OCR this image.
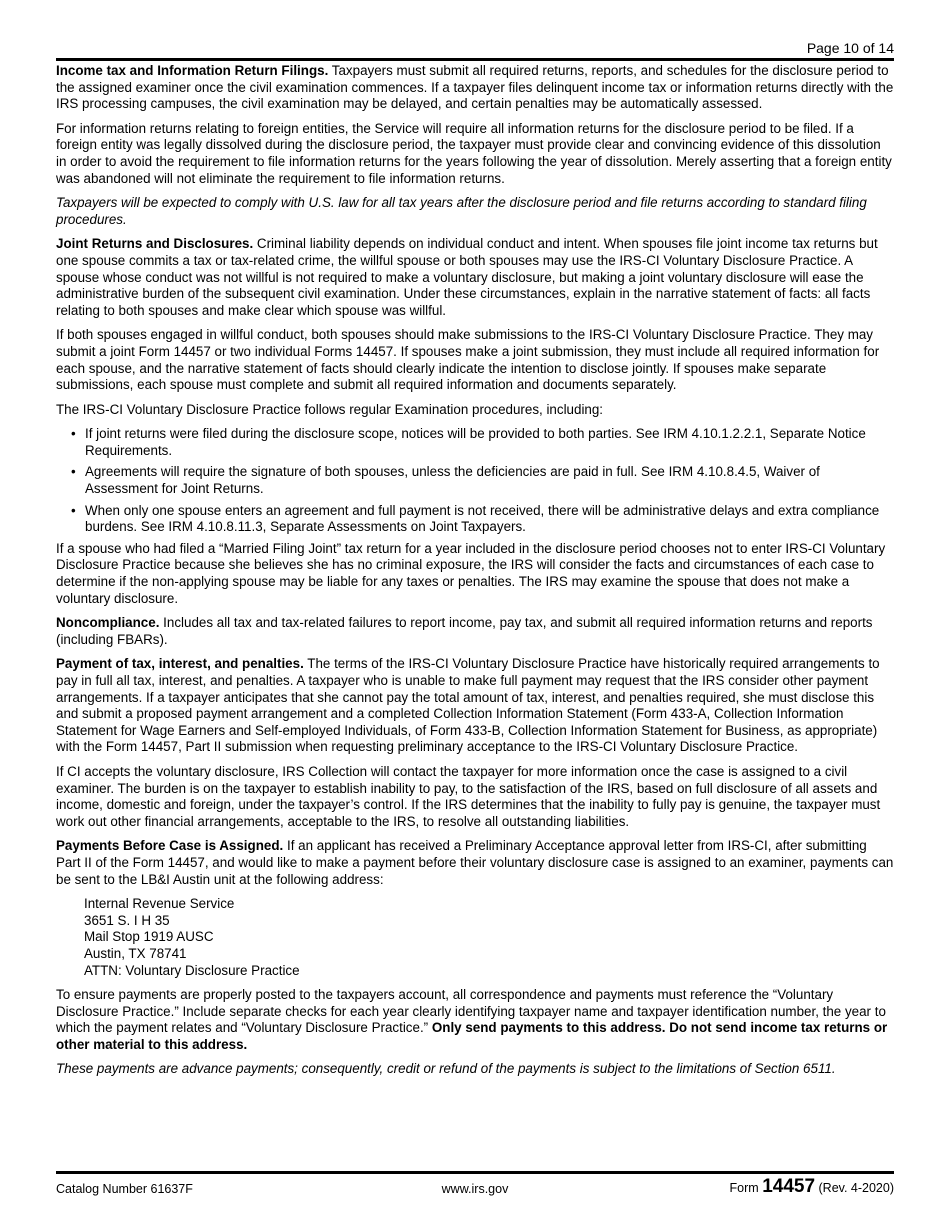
Page 10 of 14

Income tax and Information Return Filings. Taxpayers must submit all required returns, reports, and schedules for the disclosure period to the assigned examiner once the civil examination commences. If a taxpayer files delinquent income tax or information returns directly with the IRS processing campuses, the civil examination may be delayed, and certain penalties may be automatically assessed.

For information returns relating to foreign entities, the Service will require all information returns for the disclosure period to be filed. If a foreign entity was legally dissolved during the disclosure period, the taxpayer must provide clear and convincing evidence of this dissolution in order to avoid the requirement to file information returns for the years following the year of dissolution. Merely asserting that a foreign entity was abandoned will not eliminate the requirement to file information returns.

Taxpayers will be expected to comply with U.S. law for all tax years after the disclosure period and file returns according to standard filing procedures.

Joint Returns and Disclosures. Criminal liability depends on individual conduct and intent. When spouses file joint income tax returns but one spouse commits a tax or tax-related crime, the willful spouse or both spouses may use the IRS-CI Voluntary Disclosure Practice. A spouse whose conduct was not willful is not required to make a voluntary disclosure, but making a joint voluntary disclosure will ease the administrative burden of the subsequent civil examination. Under these circumstances, explain in the narrative statement of facts: all facts relating to both spouses and make clear which spouse was willful.

If both spouses engaged in willful conduct, both spouses should make submissions to the IRS-CI Voluntary Disclosure Practice. They may submit a joint Form 14457 or two individual Forms 14457. If spouses make a joint submission, they must include all required information for each spouse, and the narrative statement of facts should clearly indicate the intention to disclose jointly. If spouses make separate submissions, each spouse must complete and submit all required information and documents separately.

The IRS-CI Voluntary Disclosure Practice follows regular Examination procedures, including:

• If joint returns were filed during the disclosure scope, notices will be provided to both parties. See IRM 4.10.1.2.2.1, Separate Notice Requirements.
• Agreements will require the signature of both spouses, unless the deficiencies are paid in full. See IRM 4.10.8.4.5, Waiver of Assessment for Joint Returns.
• When only one spouse enters an agreement and full payment is not received, there will be administrative delays and extra compliance burdens. See IRM 4.10.8.11.3, Separate Assessments on Joint Taxpayers.

If a spouse who had filed a “Married Filing Joint” tax return for a year included in the disclosure period chooses not to enter IRS-CI Voluntary Disclosure Practice because she believes she has no criminal exposure, the IRS will consider the facts and circumstances of each case to determine if the non-applying spouse may be liable for any taxes or penalties. The IRS may examine the spouse that does not make a voluntary disclosure.

Noncompliance. Includes all tax and tax-related failures to report income, pay tax, and submit all required information returns and reports (including FBARs).

Payment of tax, interest, and penalties. The terms of the IRS-CI Voluntary Disclosure Practice have historically required arrangements to pay in full all tax, interest, and penalties. A taxpayer who is unable to make full payment may request that the IRS consider other payment arrangements. If a taxpayer anticipates that she cannot pay the total amount of tax, interest, and penalties required, she must disclose this and submit a proposed payment arrangement and a completed Collection Information Statement (Form 433-A, Collection Information Statement for Wage Earners and Self-employed Individuals, of Form 433-B, Collection Information Statement for Business, as appropriate) with the Form 14457, Part II submission when requesting preliminary acceptance to the IRS-CI Voluntary Disclosure Practice.

If CI accepts the voluntary disclosure, IRS Collection will contact the taxpayer for more information once the case is assigned to a civil examiner. The burden is on the taxpayer to establish inability to pay, to the satisfaction of the IRS, based on full disclosure of all assets and income, domestic and foreign, under the taxpayer’s control. If the IRS determines that the inability to fully pay is genuine, the taxpayer must work out other financial arrangements, acceptable to the IRS, to resolve all outstanding liabilities.

Payments Before Case is Assigned. If an applicant has received a Preliminary Acceptance approval letter from IRS-CI, after submitting Part II of the Form 14457, and would like to make a payment before their voluntary disclosure case is assigned to an examiner, payments can be sent to the LB&I Austin unit at the following address:

Internal Revenue Service
3651 S. I H 35
Mail Stop 1919 AUSC
Austin, TX 78741
ATTN: Voluntary Disclosure Practice

To ensure payments are properly posted to the taxpayers account, all correspondence and payments must reference the “Voluntary Disclosure Practice.” Include separate checks for each year clearly identifying taxpayer name and taxpayer identification number, the year to which the payment relates and “Voluntary Disclosure Practice.” Only send payments to this address. Do not send income tax returns or other material to this address.

These payments are advance payments; consequently, credit or refund of the payments is subject to the limitations of Section 6511.

Catalog Number 61637F	www.irs.gov	Form 14457 (Rev. 4-2020)
